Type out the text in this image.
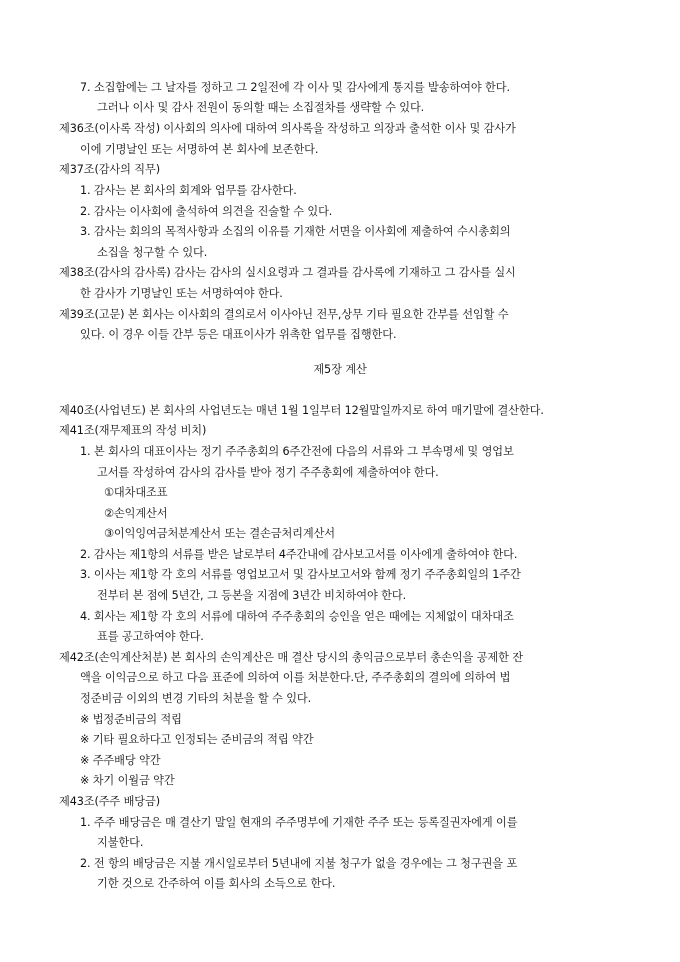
7. 소집함에는 그 날자를 정하고 그 2일전에 각 이사 및 감사에게 통지를 발송하여야 한다.
그러나 이사 및 감사 전원이 동의할 때는 소집절차를 생략할 수 있다.
제36조(이사록 작성) 이사회의 의사에 대하여 의사록을 작성하고 의장과 출석한 이사 및 감사가
이에 기명날인 또는 서명하여 본 회사에 보존한다.
제37조(감사의 직무)
1. 감사는 본 회사의 회계와 업무를 감사한다.
2. 감사는 이사회에 출석하여 의견을 진술할 수 있다.
3. 감사는 회의의 목적사항과 소집의 이유를 기재한 서면을 이사회에 제출하여 수시총회의
소집을 청구할 수 있다.
제38조(감사의 감사록) 감사는 감사의 실시요령과 그 결과를 감사록에 기재하고 그 감사를 실시
한 감사가 기명날인 또는 서명하여야 한다.
제39조(고문) 본 회사는 이사회의 결의로서 이사아닌 전무,상무 기타 필요한 간부를 선임할 수
있다. 이 경우 이들 간부 등은 대표이사가 위촉한 업무를 집행한다.
제5장 계산
제40조(사업년도) 본 회사의 사업년도는 매년 1월 1일부터 12월말일까지로 하여 매기말에 결산한다.
제41조(재무제표의 작성 비치)
1. 본 회사의 대표이사는 정기 주주총회의 6주간전에 다음의 서류와 그 부속명세 및 영업보
고서를 작성하여 감사의 감사를 받아 정기 주주총회에 제출하여야 한다.
①대차대조표
②손익계산서
③이익잉여금처분계산서 또는 결손금처리계산서
2. 감사는 제1항의 서류를 받은 날로부터 4주간내에 감사보고서를 이사에게 출하여야 한다.
3. 이사는 제1항 각 호의 서류를 영업보고서 및 감사보고서와 함께 정기 주주총회일의 1주간
전부터 본 점에 5년간, 그 등본을 지점에 3년간 비치하여야 한다.
4. 회사는 제1항 각 호의 서류에 대하여 주주총회의 승인을 얻은 때에는 지체없이 대차대조
표를 공고하여야 한다.
제42조(손익계산처분) 본 회사의 손익계산은 매 결산 당시의 총익금으로부터 총손익을 공제한 잔
액을 이익금으로 하고 다음 표준에 의하여 이를 처분한다.단, 주주총회의 결의에 의하여 법
정준비금 이외의 변경 기타의 처분을 할 수 있다.
※ 법정준비금의 적립
※ 기타 필요하다고 인정되는 준비금의 적립 약간
※ 주주배당 약간
※ 차기 이월금 약간
제43조(주주 배당금)
1. 주주 배당금은 매 결산기 말일 현재의 주주명부에 기재한 주주 또는 등록질권자에게 이를
지불한다.
2. 전 항의 배당금은 지불 개시일로부터 5년내에 지불 청구가 없을 경우에는 그 청구권을 포
기한 것으로 간주하여 이를 회사의 소득으로 한다.
